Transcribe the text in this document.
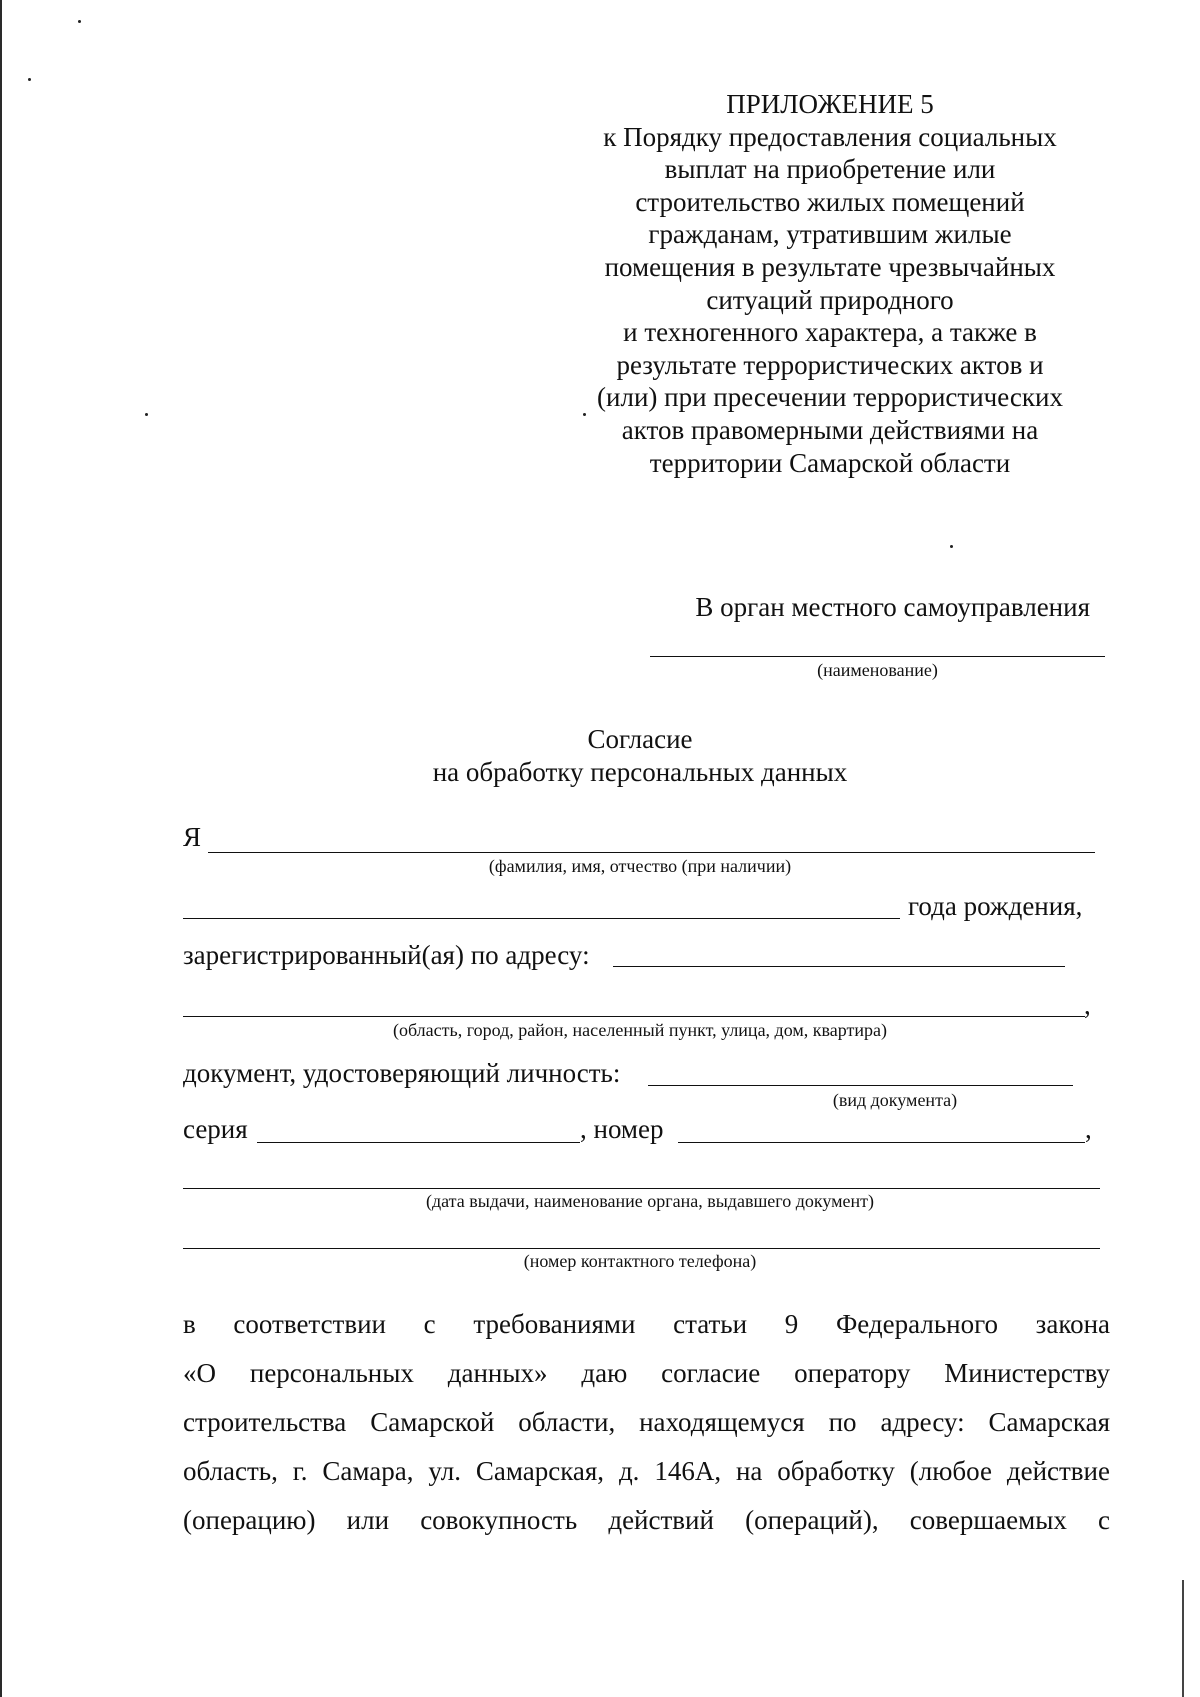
ПРИЛОЖЕНИЕ 5
к Порядку предоставления социальных
выплат на приобретение или
строительство жилых помещений
гражданам, утратившим жилые
помещения в результате чрезвычайных
ситуаций природного
и техногенного характера, а также в
результате террористических актов и
(или) при пресечении террористических
актов правомерными действиями на
территории Самарской области
В орган местного самоуправления
(наименование)
Согласие
на обработку персональных данных
Я
(фамилия, имя, отчество (при наличии)
года рождения,
зарегистрированный(ая) по адресу:
,
(область, город, район, населенный пункт, улица, дом, квартира)
документ, удостоверяющий личность:
(вид документа)
серия	, номер	,
(дата выдачи, наименование органа, выдавшего документ)
(номер контактного телефона)
в соответствии с требованиями статьи 9 Федерального закона
«О персональных данных» даю согласие оператору Министерству
строительства Самарской области, находящемуся по адресу: Самарская
область, г. Самара, ул. Самарская, д. 146А, на обработку (любое действие
(операцию) или совокупность действий (операций), совершаемых с
